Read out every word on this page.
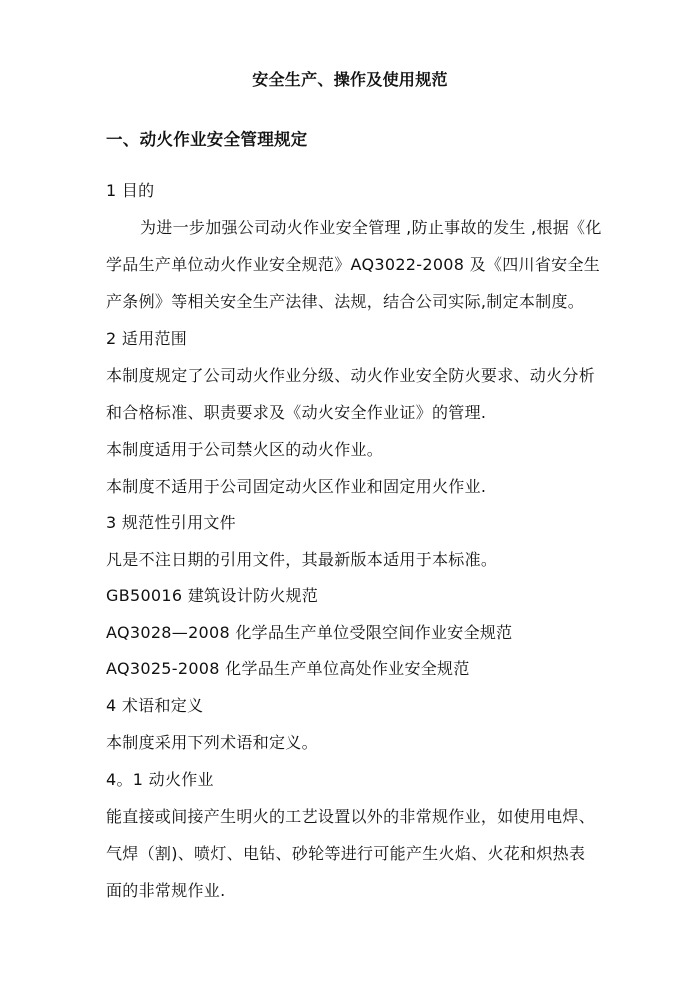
安全生产、操作及使用规范
一、动火作业安全管理规定
1 目的
为进一步加强公司动火作业安全管理 ,防止事故的发生 ,根据《化
学品生产单位动火作业安全规范》AQ3022-2008 及《四川省安全生
产条例》等相关安全生产法律、法规，结合公司实际,制定本制度。
2 适用范围
本制度规定了公司动火作业分级、动火作业安全防火要求、动火分析
和合格标准、职责要求及《动火安全作业证》的管理.
本制度适用于公司禁火区的动火作业。
本制度不适用于公司固定动火区作业和固定用火作业.
3 规范性引用文件
凡是不注日期的引用文件，其最新版本适用于本标准。
GB50016 建筑设计防火规范
AQ3028—2008 化学品生产单位受限空间作业安全规范
AQ3025-2008 化学品生产单位高处作业安全规范
4 术语和定义
本制度采用下列术语和定义。
4。1 动火作业
能直接或间接产生明火的工艺设置以外的非常规作业，如使用电焊、
气焊（割)、喷灯、电钻、砂轮等进行可能产生火焰、火花和炽热表
面的非常规作业.
